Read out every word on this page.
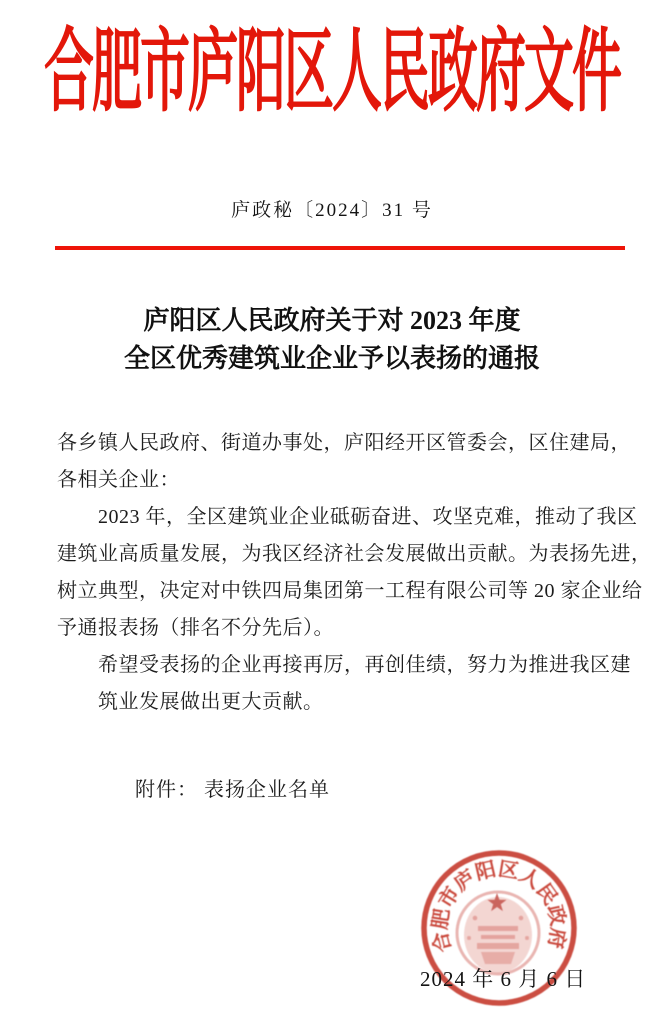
合肥市庐阳区人民政府文件
庐政秘〔2024〕31 号
庐阳区人民政府关于对 2023 年度
全区优秀建筑业企业予以表扬的通报
各乡镇人民政府、街道办事处，庐阳经开区管委会，区住建局，
各相关企业：
2023 年，全区建筑业企业砥砺奋进、攻坚克难，推动了我区
建筑业高质量发展，为我区经济社会发展做出贡献。为表扬先进，
树立典型，决定对中铁四局集团第一工程有限公司等 20 家企业给
予通报表扬（排名不分先后）。
希望受表扬的企业再接再厉，再创佳绩，努力为推进我区建
筑业发展做出更大贡献。
附件： 表扬企业名单
合肥市庐阳区人民政府
2024 年 6 月 6 日
